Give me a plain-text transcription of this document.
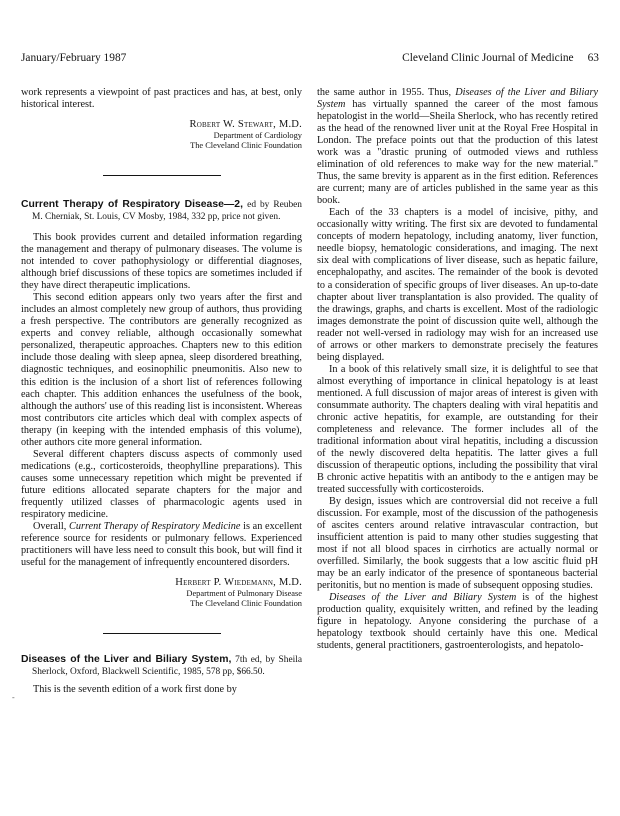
January/February 1987	Cleveland Clinic Journal of Medicine 63

work represents a viewpoint of past practices and has, at best, only historical interest.

Robert W. Stewart, M.D.

Department of Cardiology

The Cleveland Clinic Foundation

Current Therapy of Respiratory Disease—2, ed by Reuben M. Cherniak, St. Louis, CV Mosby, 1984, 332 pp, price not given.

This book provides current and detailed information regarding the management and therapy of pulmonary diseases. The volume is not intended to cover pathophysiology or differential diagnoses, although brief discussions of these topics are sometimes included if they have direct therapeutic implications.

This second edition appears only two years after the first and includes an almost completely new group of authors, thus providing a fresh perspective. The contributors are generally recognized as experts and convey reliable, although occasionally somewhat personalized, therapeutic approaches. Chapters new to this edition include those dealing with sleep apnea, sleep disordered breathing, diagnostic techniques, and eosinophilic pneumonitis. Also new to this edition is the inclusion of a short list of references following each chapter. This addition enhances the usefulness of the book, although the authors' use of this reading list is inconsistent. Whereas most contributors cite articles which deal with complex aspects of therapy (in keeping with the intended emphasis of this volume), other authors cite more general information.

Several different chapters discuss aspects of commonly used medications (e.g., corticosteroids, theophylline preparations). This causes some unnecessary repetition which might be prevented if future editions allocated separate chapters for the major and frequently utilized classes of pharmacologic agents used in respiratory medicine.

Overall, Current Therapy of Respiratory Medicine is an excellent reference source for residents or pulmonary fellows. Experienced practitioners will have less need to consult this book, but will find it useful for the management of infrequently encountered disorders.

Herbert P. Wiedemann, M.D.

Department of Pulmonary Disease

The Cleveland Clinic Foundation

Diseases of the Liver and Biliary System, 7th ed, by Sheila Sherlock, Oxford, Blackwell Scientific, 1985, 578 pp, $66.50.

This is the seventh edition of a work first done by

the same author in 1955. Thus, Diseases of the Liver and Biliary System has virtually spanned the career of the most famous hepatologist in the world—Sheila Sherlock, who has recently retired as the head of the renowned liver unit at the Royal Free Hospital in London. The preface points out that the production of this latest work was a "drastic pruning of outmoded views and ruthless elimination of old references to make way for the new material." Thus, the same brevity is apparent as in the first edition. References are current; many are of articles published in the same year as this book.

Each of the 33 chapters is a model of incisive, pithy, and occasionally witty writing. The first six are devoted to fundamental concepts of modern hepatology, including anatomy, liver function, needle biopsy, hematologic considerations, and imaging. The next six deal with complications of liver disease, such as hepatic failure, encephalopathy, and ascites. The remainder of the book is devoted to a consideration of specific groups of liver diseases. An up-to-date chapter about liver transplantation is also provided. The quality of the drawings, graphs, and charts is excellent. Most of the radiologic images demonstrate the point of discussion quite well, although the reader not well-versed in radiology may wish for an increased use of arrows or other markers to demonstrate precisely the features being displayed.

In a book of this relatively small size, it is delightful to see that almost everything of importance in clinical hepatology is at least mentioned. A full discussion of major areas of interest is given with consummate authority. The chapters dealing with viral hepatitis and chronic active hepatitis, for example, are outstanding for their completeness and relevance. The former includes all of the traditional information about viral hepatitis, including a discussion of the newly discovered delta hepatitis. The latter gives a full discussion of therapeutic options, including the possibility that viral B chronic active hepatitis with an antibody to the e antigen may be treated successfully with corticosteroids.

By design, issues which are controversial did not receive a full discussion. For example, most of the discussion of the pathogenesis of ascites centers around relative intravascular contraction, but insufficient attention is paid to many other studies suggesting that most if not all blood spaces in cirrhotics are actually normal or overfilled. Similarly, the book suggests that a low ascitic fluid pH may be an early indicator of the presence of spontaneous bacterial peritonitis, but no mention is made of subsequent opposing studies.

Diseases of the Liver and Biliary System is of the highest production quality, exquisitely written, and refined by the leading figure in hepatology. Anyone considering the purchase of a hepatology textbook should certainly have this one. Medical students, general practitioners, gastroenterologists, and hepatolo-

-
